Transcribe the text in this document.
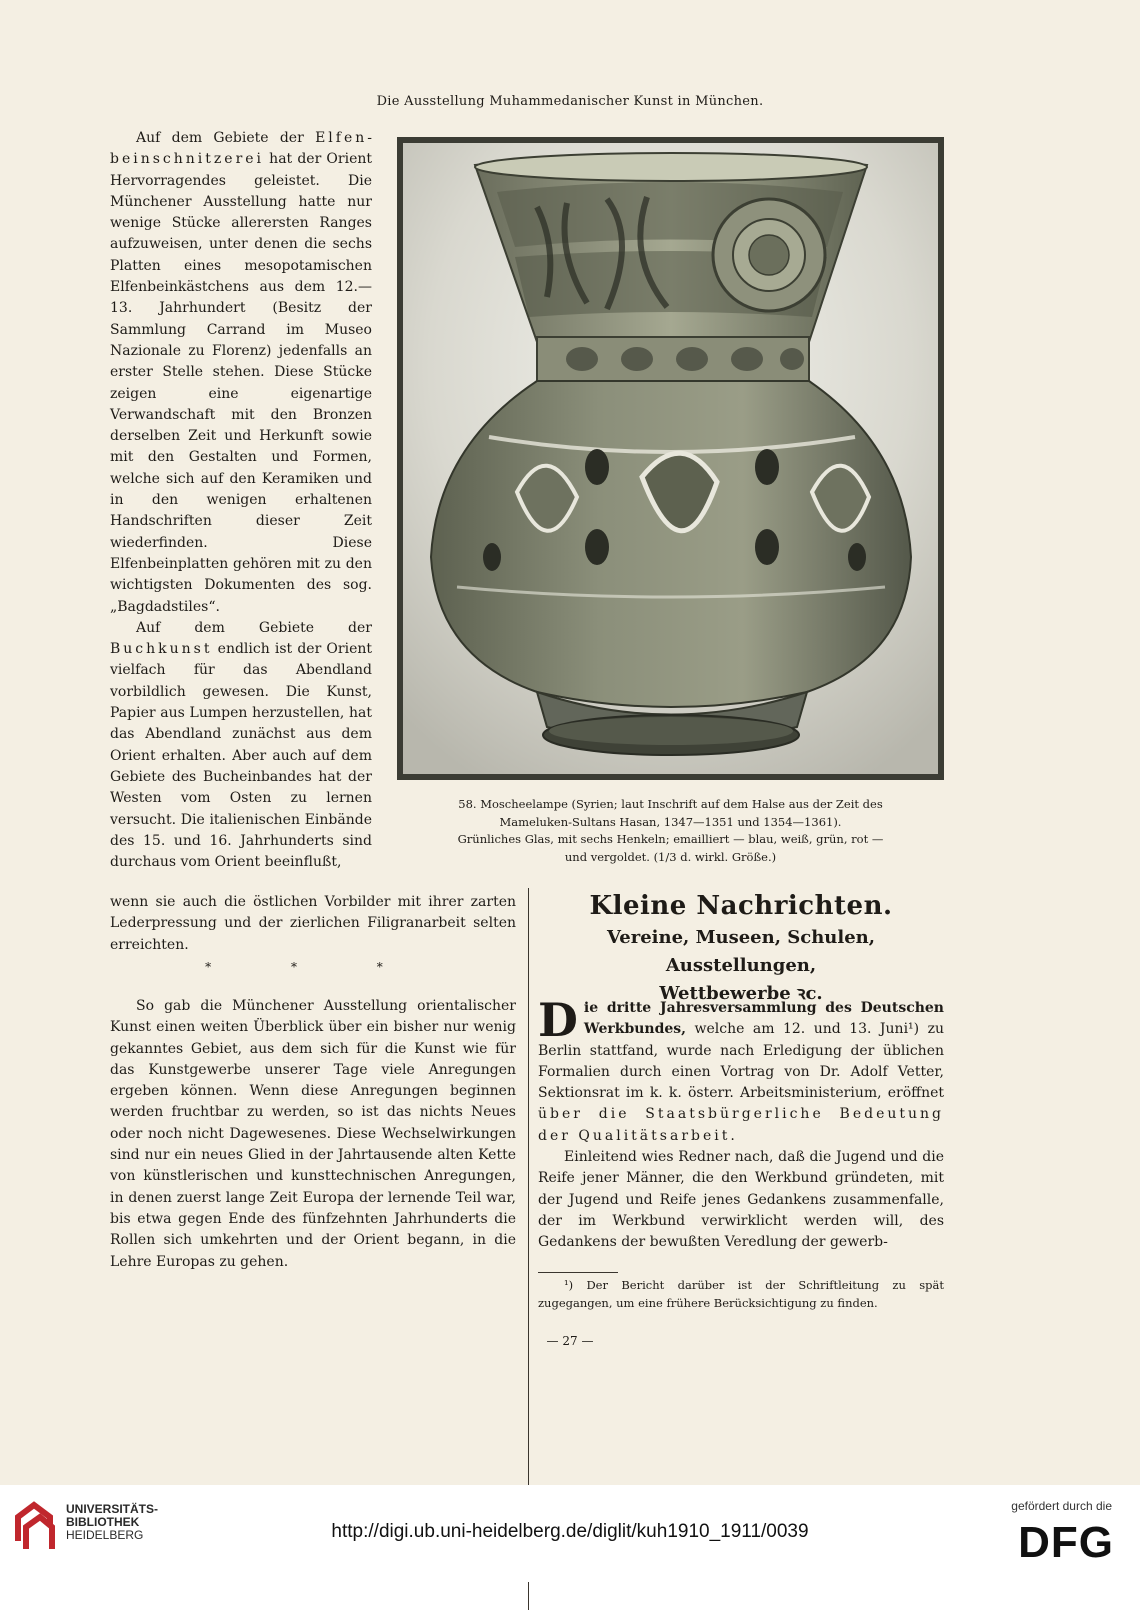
Die Ausstellung Muhammedanischer Kunst in München.

Auf dem Gebiete der Elfenbeinschnitzerei hat der Orient Hervorragendes geleistet. Die Münchener Ausstellung hatte nur wenige Stücke allerersten Ranges aufzuweisen, unter denen die sechs Platten eines mesopotamischen Elfenbeinkästchens aus dem 12.—13. Jahrhundert (Besitz der Sammlung Carrand im Museo Nazionale zu Florenz) jedenfalls an erster Stelle stehen. Diese Stücke zeigen eine eigenartige Verwandschaft mit den Bronzen derselben Zeit und Herkunft sowie mit den Gestalten und Formen, welche sich auf den Keramiken und in den wenigen erhaltenen Handschriften dieser Zeit wiederfinden. Diese Elfenbeinplatten gehören mit zu den wichtigsten Dokumenten des sog. „Bagdadstiles“.

Auf dem Gebiete der Buchkunst endlich ist der Orient vielfach für das Abendland vorbildlich gewesen. Die Kunst, Papier aus Lumpen herzustellen, hat das Abendland zunächst aus dem Orient erhalten. Aber auch auf dem Gebiete des Bucheinbandes hat der Westen vom Osten zu lernen versucht. Die italienischen Einbände des 15. und 16. Jahrhunderts sind durchaus vom Orient beeinflußt,

58. Moscheelampe (Syrien; laut Inschrift auf dem Halse aus der Zeit des
Mameluken-Sultans Hasan, 1347—1351 und 1354—1361).
Grünliches Glas, mit sechs Henkeln; emailliert — blau, weiß, grün, rot —
und vergoldet. (1/3 d. wirkl. Größe.)

wenn sie auch die östlichen Vorbilder mit ihrer zarten Lederpressung und der zierlichen Filigranarbeit selten erreichten.

* * *

So gab die Münchener Ausstellung orientalischer Kunst einen weiten Überblick über ein bisher nur wenig gekanntes Gebiet, aus dem sich für die Kunst wie für das Kunstgewerbe unserer Tage viele Anregungen ergeben können. Wenn diese Anregungen beginnen werden fruchtbar zu werden, so ist das nichts Neues oder noch nicht Dagewesenes. Diese Wechselwirkungen sind nur ein neues Glied in der Jahrtausende alten Kette von künstlerischen und kunsttechnischen Anregungen, in denen zuerst lange Zeit Europa der lernende Teil war, bis etwa gegen Ende des fünfzehnten Jahrhunderts die Rollen sich umkehrten und der Orient begann, in die Lehre Europas zu gehen.

Kleine Nachrichten.
Vereine, Museen, Schulen, Ausstellungen,
Wettbewerbe ꝛc.

Die dritte Jahresversammlung des Deutschen Werkbundes, welche am 12. und 13. Juni¹) zu Berlin stattfand, wurde nach Erledigung der üblichen Formalien durch einen Vortrag von Dr. Adolf Vetter, Sektionsrat im k. k. österr. Arbeitsministerium, eröffnet über die Staatsbürgerliche Bedeutung der Qualitätsarbeit.

Einleitend wies Redner nach, daß die Jugend und die Reife jener Männer, die den Werkbund gründeten, mit der Jugend und Reife jenes Gedankens zusammenfalle, der im Werkbund verwirklicht werden will, des Gedankens der bewußten Veredlung der gewerb-

¹) Der Bericht darüber ist der Schriftleitung zu spät zugegangen, um eine frühere Berücksichtigung zu finden.
— 27 —
UNIVERSITÄTS-
BIBLIOTHEK
HEIDELBERG	http://digi.ub.uni-heidelberg.de/diglit/kuh1910_1911/0039
gefördert durch die
DFG
